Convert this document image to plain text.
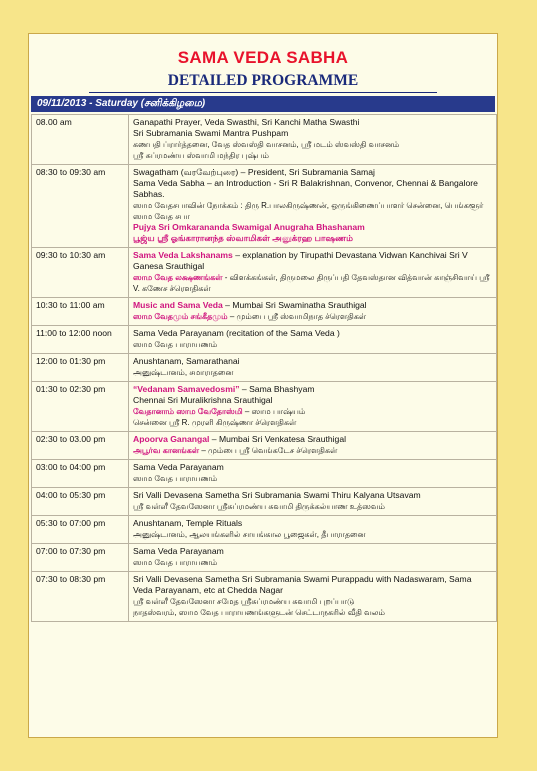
SAMA VEDA SABHA
DETAILED PROGRAMME
09/11/2013 - Saturday (சனிக்கிழமை)
08.00 am	Ganapathi Prayer, Veda Swasthi, Sri Kanchi Matha Swasthi
Sri Subramania Swami Mantra Pushpam
கணபதி ப்ரார்த்தனை, வேத ஸ்வஸ்தி வாசனம், ஸ்ரீ மடம் ஸ்வஸ்தி வாசனம்
ஸ்ரீ சுப்ரமண்ய ஸ்வாமி மந்திர புஷ்பம்

08:30 to 09:30 am	Swagatham (வரவேற்புரை) – President, Sri Subramania Samaj
Sama Veda Sabha – an Introduction - Sri R Balakrishnan, Convenor, Chennai & Bangalore Sabhas.
ஸாம வேதசபாவின் நோக்கம் : திரு R.பாலகிருஷ்ணன், ஒருங்கிணைப்பாளர் சென்னை, பெங்களூர் ஸாம வேத சபா
Pujya Sri Omkarananda Swamigal Anugraha Bhashanam
பூஜ்ய ஸ்ரீ ஓங்காரானந்த ஸ்வாமிகள் அனுக்ரஹ பாஷணம்

09:30 to 10:30 am	Sama Veda Lakshanams – explanation by Tirupathi Devastana Vidwan Kanchivai Sri V Ganesa Srauthigal
ஸாம வேத லக்ஷணங்கள் - விளக்கங்கள், திருமலை திருப்பதி தேவஸ்தான வித்வான் காஞ்சிவாய் ஸ்ரீ V. கணேச ச்ரௌதிகள்

10:30 to 11:00 am	Music and Sama Veda – Mumbai Sri Swaminatha Srauthigal
ஸாம வேதமும் சங்கீதமும் – மும்பை ஸ்ரீ ஸ்வாமிநாத ச்ரௌதிகள்

11:00 to 12:00 noon	Sama Veda Parayanam (recitation of the Sama Veda )
ஸாம வேத பாராயணம்

12:00 to 01:30 pm	Anushtanam, Samarathanai
அனுஷ்டானம், சமாராதனை

01:30 to 02:30 pm	“Vedanam Samavedosmi” – Sama Bhashyam
Chennai Sri Muralikrishna Srauthigal
வேதானாம் ஸாம வேதோஸ்மி – ஸாம பாஷ்யம்
சென்னை ஸ்ரீ R. முரளி கிருஷ்ணா ச்ரௌதிகள்

02:30 to 03.00 pm	Apoorva Ganangal – Mumbai Sri Venkatesa Srauthigal
அபூர்வ கானங்கள் – மும்பை ஸ்ரீ வெங்கடேச ச்ரௌதிகள்

03:00 to 04:00 pm	Sama Veda Parayanam
ஸாம வேத பாராயணம்

04:00 to 05:30 pm	Sri Valli Devasena Sametha Sri Subramania Swami Thiru Kalyana Utsavam
ஸ்ரீ வள்ளீ தேவஸேனா ஸ்ரீசுப்ரமண்ய சுவாமி திருக்கல்யாண உத்ஸவம்

05:30 to 07:00 pm	Anushtanam, Temple Rituals
அனுஷ்டானம், ஆலயங்களில் சாயங்கால பூஜைகள், தீபாராதனை

07:00 to 07:30 pm	Sama Veda Parayanam
ஸாம வேத பாராயணம்

07:30 to 08:30 pm	Sri Valli Devasena Sametha Sri Subramania Swami Purappadu with Nadaswaram, Sama Veda Parayanam, etc at Chedda Nagar
ஸ்ரீ வள்ளீ தேவஸேனா சமேத ஸ்ரீசுப்ரமண்ய சுவாமி புறப்பாடு
நாதஸ்வரம், ஸாம வேத பாராயணங்களுடன் செட்டாநகரில் வீதி வலம்
